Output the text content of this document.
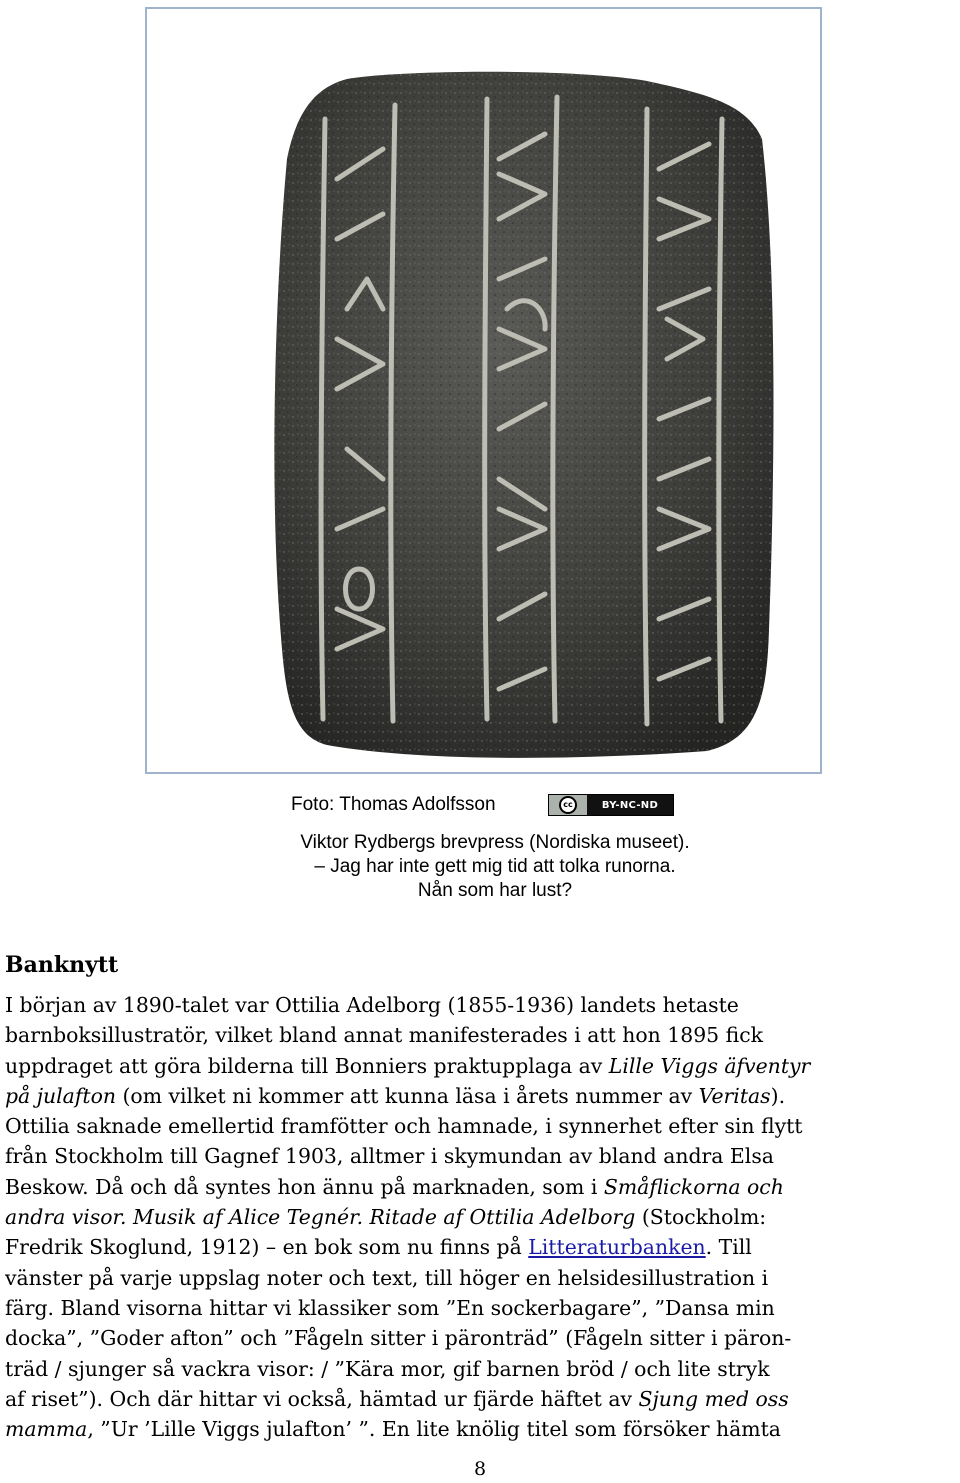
Foto: Thomas Adolfsson	cc	BY-NC-ND
Viktor Rydbergs brevpress (Nordiska museet).
– Jag har inte gett mig tid att tolka runorna.
Nån som har lust?
Banknytt
I början av 1890-talet var Ottilia Adelborg (1855-1936) landets hetaste
barnboksillustratör, vilket bland annat manifesterades i att hon 1895 fick
uppdraget att göra bilderna till Bonniers praktupplaga av Lille Viggs äfventyr
på julafton (om vilket ni kommer att kunna läsa i årets nummer av Veritas).
Ottilia saknade emellertid framfötter och hamnade, i synnerhet efter sin flytt
från Stockholm till Gagnef 1903, alltmer i skymundan av bland andra Elsa
Beskow. Då och då syntes hon ännu på marknaden, som i Småflickorna och
andra visor. Musik af Alice Tegnér. Ritade af Ottilia Adelborg (Stockholm:
Fredrik Skoglund, 1912) – en bok som nu finns på Litteraturbanken. Till
vänster på varje uppslag noter och text, till höger en helsidesillustration i
färg. Bland visorna hittar vi klassiker som ”En sockerbagare”, ”Dansa min
docka”, ”Goder afton” och ”Fågeln sitter i päronträd” (Fågeln sitter i päron-
träd / sjunger så vackra visor: / ”Kära mor, gif barnen bröd / och lite stryk
af riset”). Och där hittar vi också, hämtad ur fjärde häftet av Sjung med oss
mamma, ”Ur ’Lille Viggs julafton’ ”. En lite knölig titel som försöker hämta
8
